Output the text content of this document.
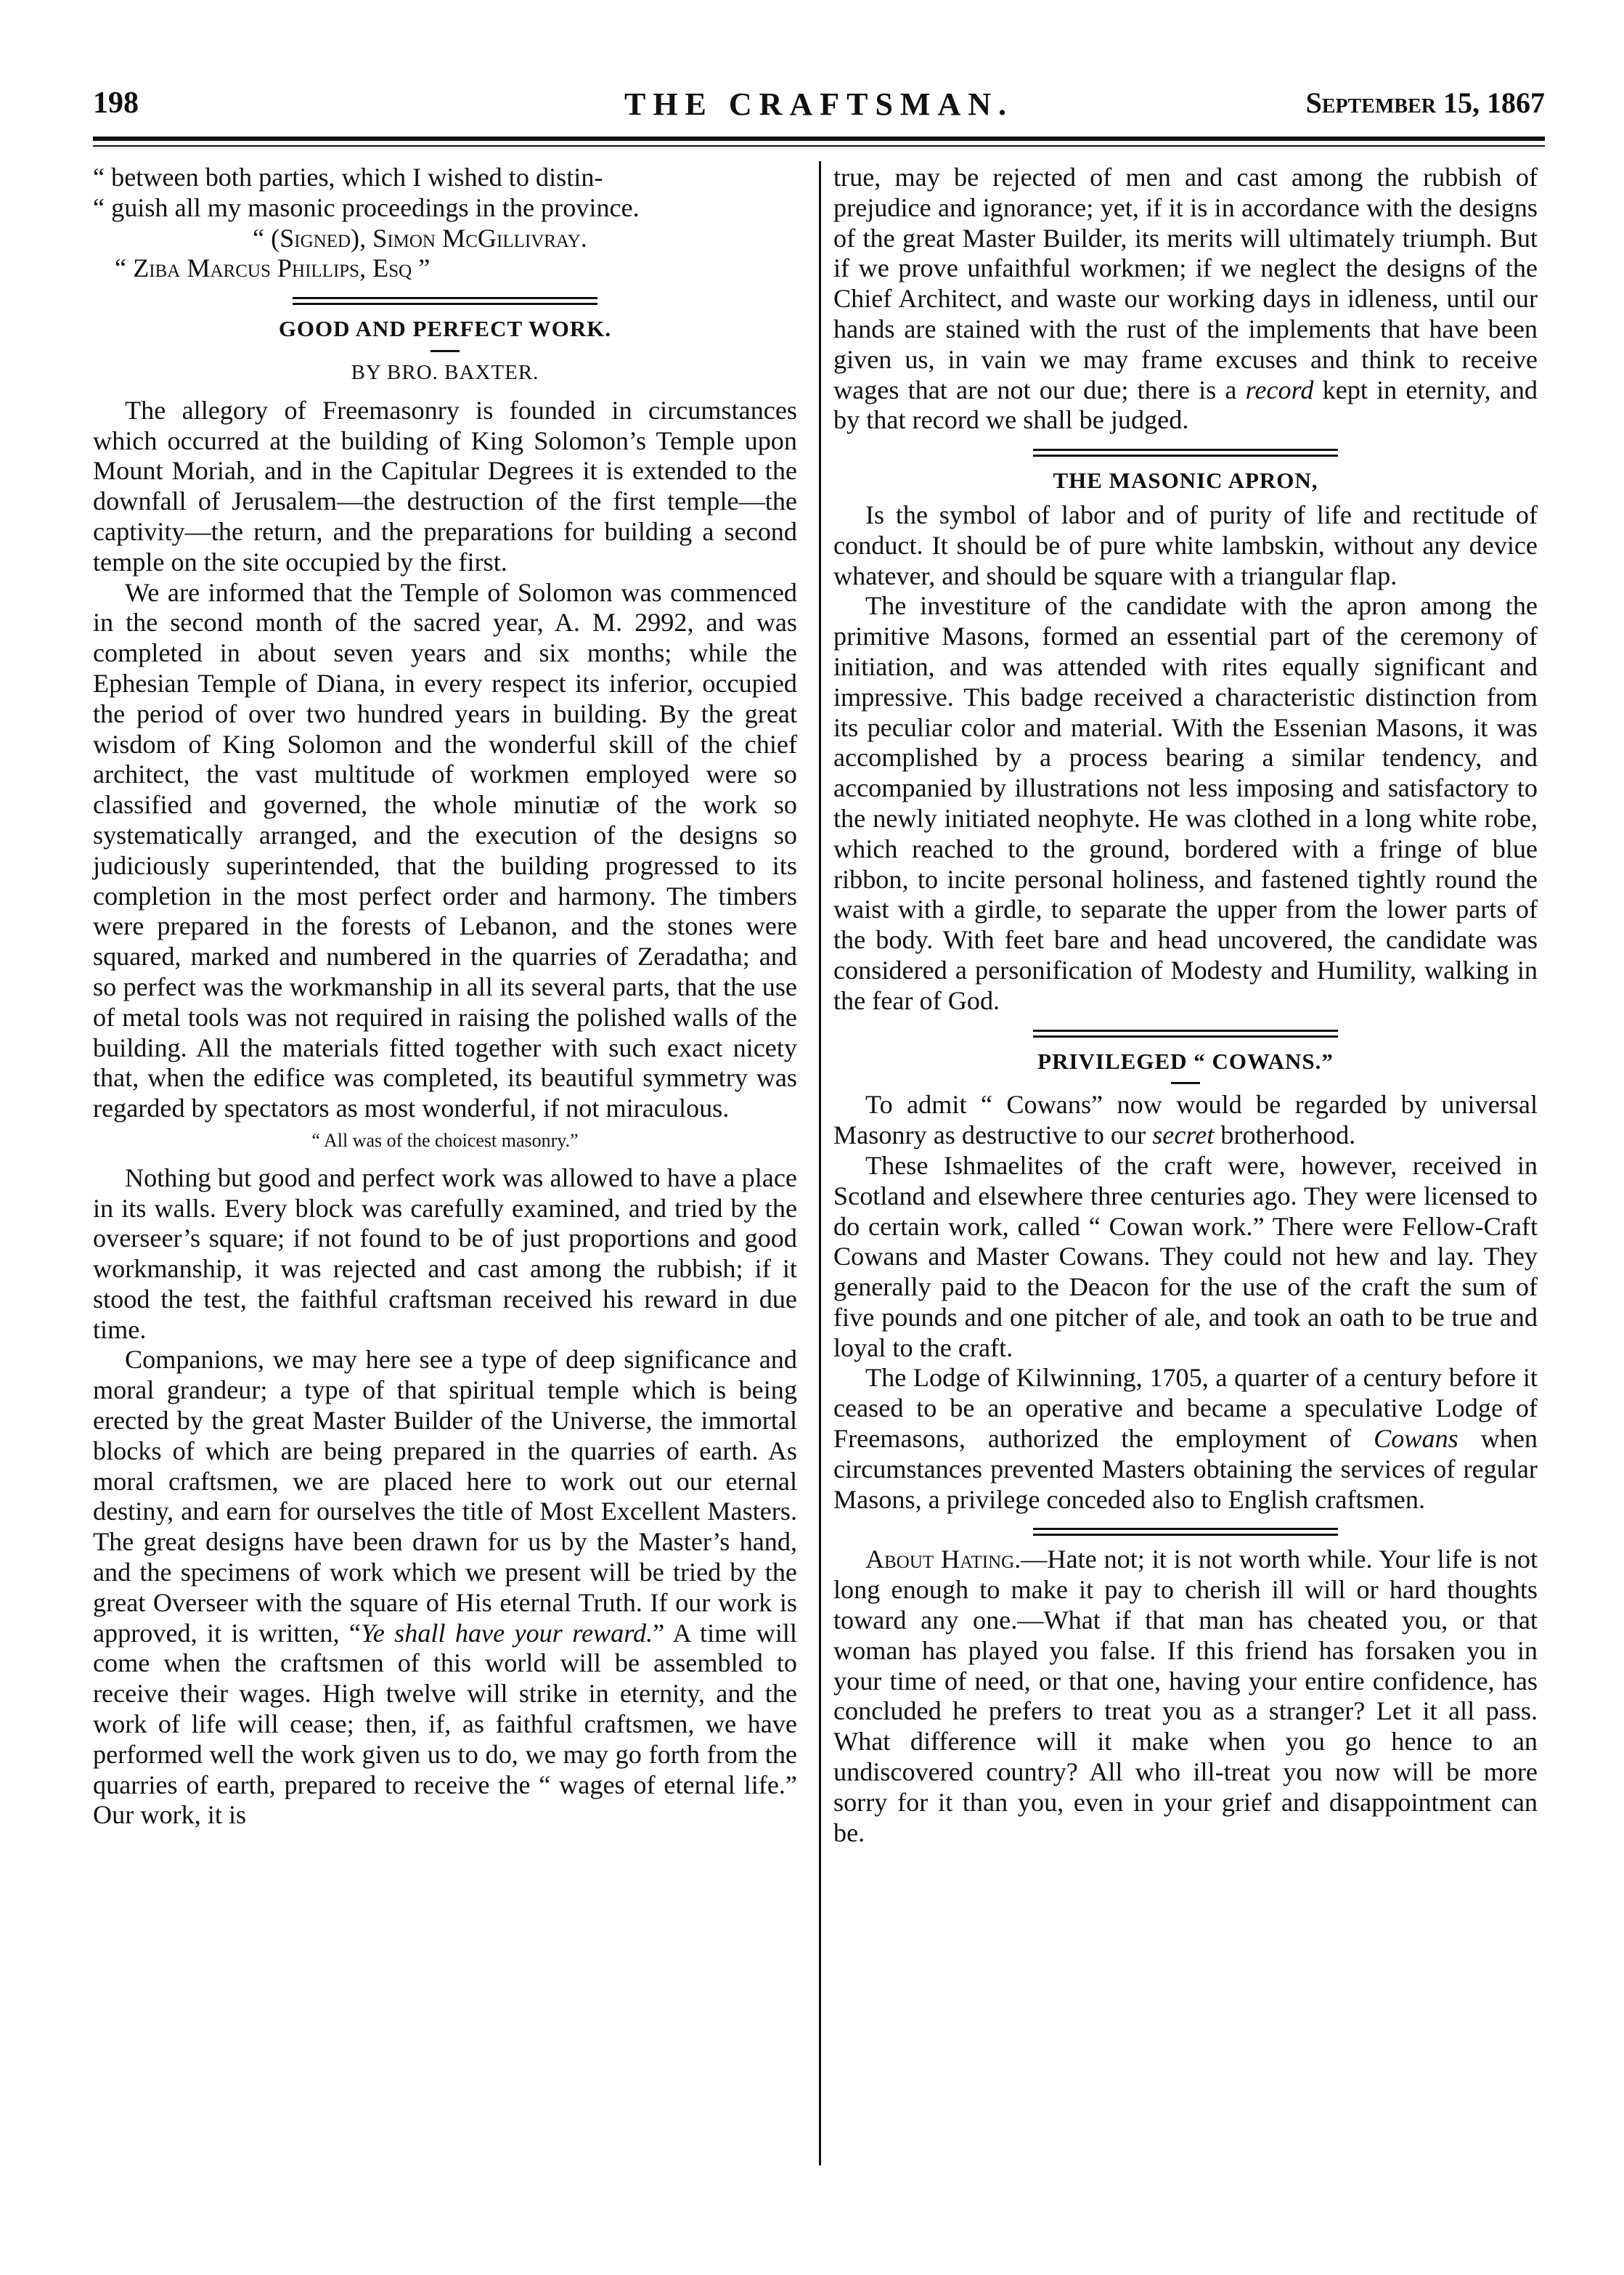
198	THE CRAFTSMAN.	September 15, 1867

“ between both parties, which I wished to distin-

“ guish all my masonic proceedings in the province.

“ (Signed), Simon McGillivray.

“ Ziba Marcus Phillips, Esq ”

GOOD AND PERFECT WORK.

BY BRO. BAXTER.

The allegory of Freemasonry is founded in circumstances which occurred at the building of King Solomon’s Temple upon Mount Moriah, and in the Capitular Degrees it is extended to the downfall of Jerusalem—the destruction of the first temple—the captivity—the return, and the preparations for building a second temple on the site occupied by the first.

We are informed that the Temple of Solomon was commenced in the second month of the sacred year, A. M. 2992, and was completed in about seven years and six months; while the Ephesian Temple of Diana, in every respect its inferior, occupied the period of over two hundred years in building. By the great wisdom of King Solomon and the wonderful skill of the chief architect, the vast multitude of workmen employed were so classified and governed, the whole minutiæ of the work so systematically arranged, and the execution of the designs so judiciously superintended, that the building progressed to its completion in the most perfect order and harmony. The timbers were prepared in the forests of Lebanon, and the stones were squared, marked and numbered in the quarries of Zeradatha; and so perfect was the workmanship in all its several parts, that the use of metal tools was not required in raising the polished walls of the building. All the materials fitted together with such exact nicety that, when the edifice was completed, its beautiful symmetry was regarded by spectators as most wonderful, if not miraculous.

“ All was of the choicest masonry.”

Nothing but good and perfect work was allowed to have a place in its walls. Every block was carefully examined, and tried by the overseer’s square; if not found to be of just proportions and good workmanship, it was rejected and cast among the rubbish; if it stood the test, the faithful craftsman received his reward in due time.

Companions, we may here see a type of deep significance and moral grandeur; a type of that spiritual temple which is being erected by the great Master Builder of the Universe, the immortal blocks of which are being prepared in the quarries of earth. As moral craftsmen, we are placed here to work out our eternal destiny, and earn for ourselves the title of Most Excellent Masters. The great designs have been drawn for us by the Master’s hand, and the specimens of work which we present will be tried by the great Overseer with the square of His eternal Truth. If our work is approved, it is written, “Ye shall have your reward.” A time will come when the craftsmen of this world will be assembled to receive their wages. High twelve will strike in eternity, and the work of life will cease; then, if, as faithful craftsmen, we have performed well the work given us to do, we may go forth from the quarries of earth, prepared to receive the “ wages of eternal life.” Our work, it is

true, may be rejected of men and cast among the rubbish of prejudice and ignorance; yet, if it is in accordance with the designs of the great Master Builder, its merits will ultimately triumph. But if we prove unfaithful workmen; if we neglect the designs of the Chief Architect, and waste our working days in idleness, until our hands are stained with the rust of the implements that have been given us, in vain we may frame excuses and think to receive wages that are not our due; there is a record kept in eternity, and by that record we shall be judged.

THE MASONIC APRON,

Is the symbol of labor and of purity of life and rectitude of conduct. It should be of pure white lambskin, without any device whatever, and should be square with a triangular flap.

The investiture of the candidate with the apron among the primitive Masons, formed an essential part of the ceremony of initiation, and was attended with rites equally significant and impressive. This badge received a characteristic distinction from its peculiar color and material. With the Essenian Masons, it was accomplished by a process bearing a similar tendency, and accompanied by illustrations not less imposing and satisfactory to the newly initiated neophyte. He was clothed in a long white robe, which reached to the ground, bordered with a fringe of blue ribbon, to incite personal holiness, and fastened tightly round the waist with a girdle, to separate the upper from the lower parts of the body. With feet bare and head uncovered, the candidate was considered a personification of Modesty and Humility, walking in the fear of God.

PRIVILEGED “ COWANS.”

To admit “ Cowans” now would be regarded by universal Masonry as destructive to our secret brotherhood.

These Ishmaelites of the craft were, however, received in Scotland and elsewhere three centuries ago. They were licensed to do certain work, called “ Cowan work.” There were Fellow-Craft Cowans and Master Cowans. They could not hew and lay. They generally paid to the Deacon for the use of the craft the sum of five pounds and one pitcher of ale, and took an oath to be true and loyal to the craft.

The Lodge of Kilwinning, 1705, a quarter of a century before it ceased to be an operative and became a speculative Lodge of Freemasons, authorized the employment of Cowans when circumstances prevented Masters obtaining the services of regular Masons, a privilege conceded also to English craftsmen.

About Hating.—Hate not; it is not worth while. Your life is not long enough to make it pay to cherish ill will or hard thoughts toward any one.—What if that man has cheated you, or that woman has played you false. If this friend has forsaken you in your time of need, or that one, having your entire confidence, has concluded he prefers to treat you as a stranger? Let it all pass. What difference will it make when you go hence to an undiscovered country? All who ill-treat you now will be more sorry for it than you, even in your grief and disappointment can be.
